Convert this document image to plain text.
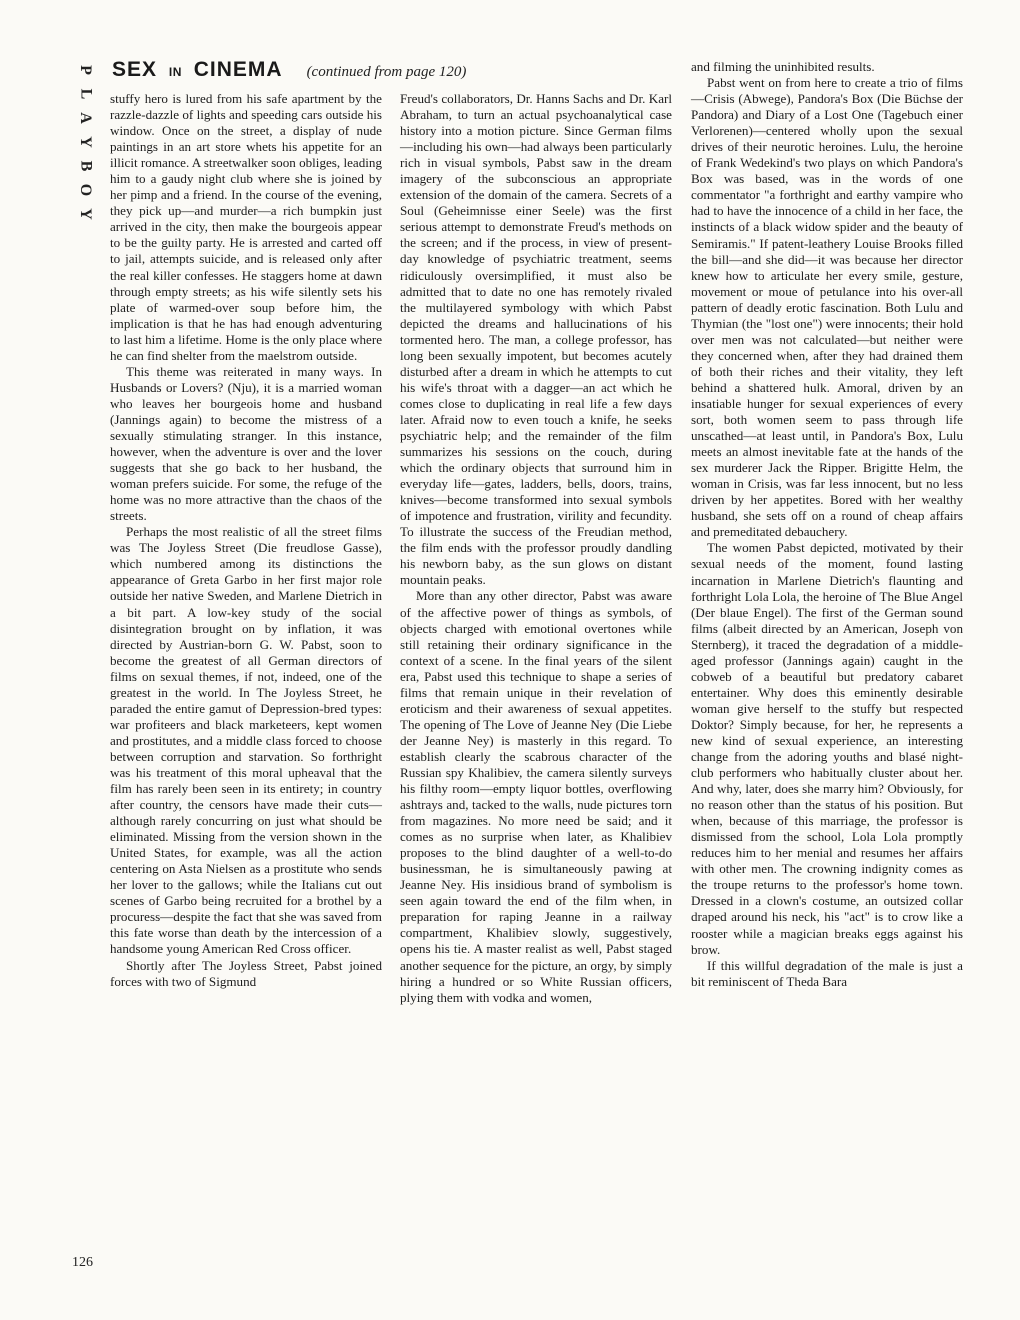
P
L
A
Y
B
O
Y
SEX IN CINEMA (continued from page 120)

stuffy hero is lured from his safe apartment by the razzle-dazzle of lights and speeding cars outside his window. Once on the street, a display of nude paintings in an art store whets his appetite for an illicit romance. A streetwalker soon obliges, leading him to a gaudy night club where she is joined by her pimp and a friend. In the course of the evening, they pick up—and murder—a rich bumpkin just arrived in the city, then make the bourgeois appear to be the guilty party. He is arrested and carted off to jail, attempts suicide, and is released only after the real killer confesses. He staggers home at dawn through empty streets; as his wife silently sets his plate of warmed-over soup before him, the implication is that he has had enough adventuring to last him a lifetime. Home is the only place where he can find shelter from the maelstrom outside.

This theme was reiterated in many ways. In Husbands or Lovers? (Nju), it is a married woman who leaves her bourgeois home and husband (Jannings again) to become the mistress of a sexually stimulating stranger. In this instance, however, when the adventure is over and the lover suggests that she go back to her husband, the woman prefers suicide. For some, the refuge of the home was no more attractive than the chaos of the streets.

Perhaps the most realistic of all the street films was The Joyless Street (Die freudlose Gasse), which numbered among its distinctions the appearance of Greta Garbo in her first major role outside her native Sweden, and Marlene Dietrich in a bit part. A low-key study of the social disintegration brought on by inflation, it was directed by Austrian-born G. W. Pabst, soon to become the greatest of all German directors of films on sexual themes, if not, indeed, one of the greatest in the world. In The Joyless Street, he paraded the entire gamut of Depression-bred types: war profiteers and black marketeers, kept women and prostitutes, and a middle class forced to choose between corruption and starvation. So forthright was his treatment of this moral upheaval that the film has rarely been seen in its entirety; in country after country, the censors have made their cuts—although rarely concurring on just what should be eliminated. Missing from the version shown in the United States, for example, was all the action centering on Asta Nielsen as a prostitute who sends her lover to the gallows; while the Italians cut out scenes of Garbo being recruited for a brothel by a procuress—despite the fact that she was saved from this fate worse than death by the intercession of a handsome young American Red Cross officer.

Shortly after The Joyless Street, Pabst joined forces with two of Sigmund

Freud's collaborators, Dr. Hanns Sachs and Dr. Karl Abraham, to turn an actual psychoanalytical case history into a motion picture. Since German films—including his own—had always been particularly rich in visual symbols, Pabst saw in the dream imagery of the subconscious an appropriate extension of the domain of the camera. Secrets of a Soul (Geheimnisse einer Seele) was the first serious attempt to demonstrate Freud's methods on the screen; and if the process, in view of present-day knowledge of psychiatric treatment, seems ridiculously oversimplified, it must also be admitted that to date no one has remotely rivaled the multilayered symbology with which Pabst depicted the dreams and hallucinations of his tormented hero. The man, a college professor, has long been sexually impotent, but becomes acutely disturbed after a dream in which he attempts to cut his wife's throat with a dagger—an act which he comes close to duplicating in real life a few days later. Afraid now to even touch a knife, he seeks psychiatric help; and the remainder of the film summarizes his sessions on the couch, during which the ordinary objects that surround him in everyday life—gates, ladders, bells, doors, trains, knives—become transformed into sexual symbols of impotence and frustration, virility and fecundity. To illustrate the success of the Freudian method, the film ends with the professor proudly dandling his newborn baby, as the sun glows on distant mountain peaks.

More than any other director, Pabst was aware of the affective power of things as symbols, of objects charged with emotional overtones while still retaining their ordinary significance in the context of a scene. In the final years of the silent era, Pabst used this technique to shape a series of films that remain unique in their revelation of eroticism and their awareness of sexual appetites. The opening of The Love of Jeanne Ney (Die Liebe der Jeanne Ney) is masterly in this regard. To establish clearly the scabrous character of the Russian spy Khalibiev, the camera silently surveys his filthy room—empty liquor bottles, overflowing ashtrays and, tacked to the walls, nude pictures torn from magazines. No more need be said; and it comes as no surprise when later, as Khalibiev proposes to the blind daughter of a well-to-do businessman, he is simultaneously pawing at Jeanne Ney. His insidious brand of symbolism is seen again toward the end of the film when, in preparation for raping Jeanne in a railway compartment, Khalibiev slowly, suggestively, opens his tie. A master realist as well, Pabst staged another sequence for the picture, an orgy, by simply hiring a hundred or so White Russian officers, plying them with vodka and women,

and filming the uninhibited results.

Pabst went on from here to create a trio of films—Crisis (Abwege), Pandora's Box (Die Büchse der Pandora) and Diary of a Lost One (Tagebuch einer Verlorenen)—centered wholly upon the sexual drives of their neurotic heroines. Lulu, the heroine of Frank Wedekind's two plays on which Pandora's Box was based, was in the words of one commentator "a forthright and earthy vampire who had to have the innocence of a child in her face, the instincts of a black widow spider and the beauty of Semiramis." If patent-leathery Louise Brooks filled the bill—and she did—it was because her director knew how to articulate her every smile, gesture, movement or moue of petulance into his over-all pattern of deadly erotic fascination. Both Lulu and Thymian (the "lost one") were innocents; their hold over men was not calculated—but neither were they concerned when, after they had drained them of both their riches and their vitality, they left behind a shattered hulk. Amoral, driven by an insatiable hunger for sexual experiences of every sort, both women seem to pass through life unscathed—at least until, in Pandora's Box, Lulu meets an almost inevitable fate at the hands of the sex murderer Jack the Ripper. Brigitte Helm, the woman in Crisis, was far less innocent, but no less driven by her appetites. Bored with her wealthy husband, she sets off on a round of cheap affairs and premeditated debauchery.

The women Pabst depicted, motivated by their sexual needs of the moment, found lasting incarnation in Marlene Dietrich's flaunting and forthright Lola Lola, the heroine of The Blue Angel (Der blaue Engel). The first of the German sound films (albeit directed by an American, Joseph von Sternberg), it traced the degradation of a middle-aged professor (Jannings again) caught in the cobweb of a beautiful but predatory cabaret entertainer. Why does this eminently desirable woman give herself to the stuffy but respected Doktor? Simply because, for her, he represents a new kind of sexual experience, an interesting change from the adoring youths and blasé night-club performers who habitually cluster about her. And why, later, does she marry him? Obviously, for no reason other than the status of his position. But when, because of this marriage, the professor is dismissed from the school, Lola Lola promptly reduces him to her menial and resumes her affairs with other men. The crowning indignity comes as the troupe returns to the professor's home town. Dressed in a clown's costume, an outsized collar draped around his neck, his "act" is to crow like a rooster while a magician breaks eggs against his brow.

If this willful degradation of the male is just a bit reminiscent of Theda Bara

126
